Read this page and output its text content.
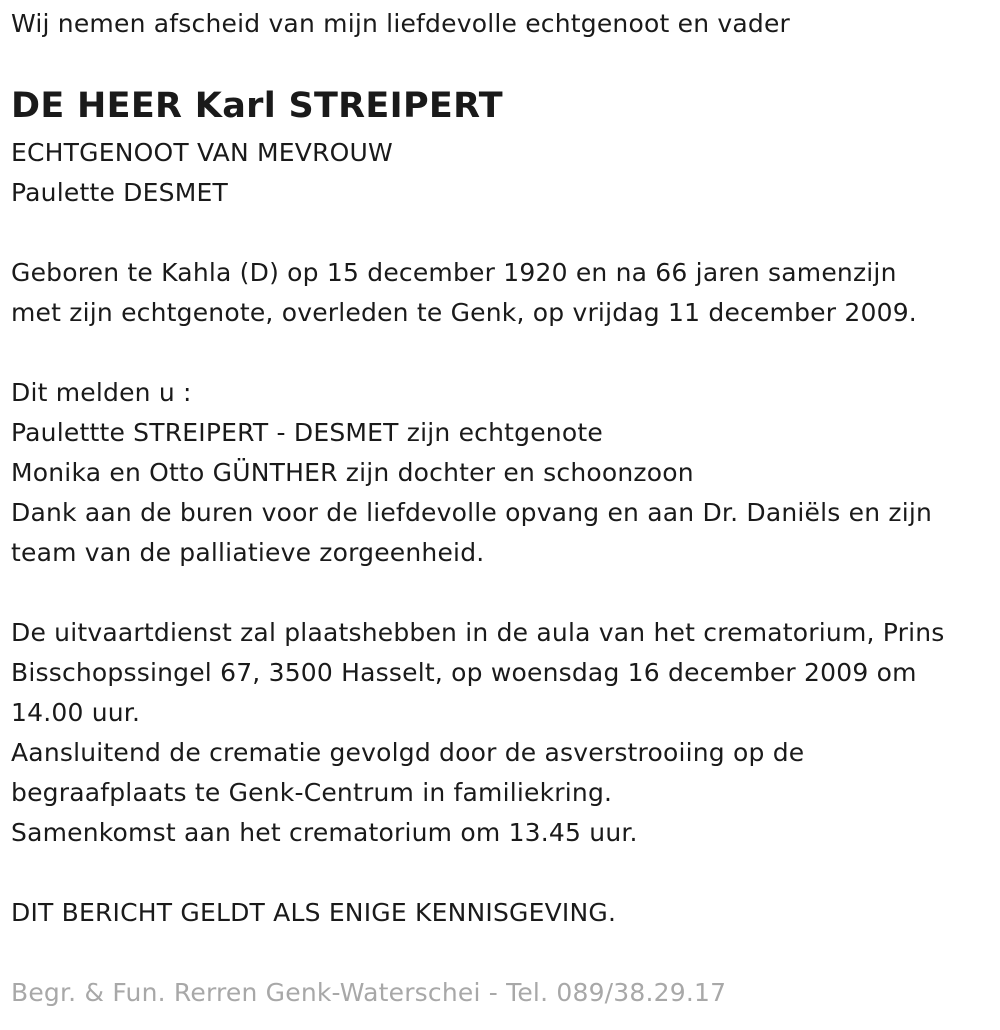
Wij nemen afscheid van mijn liefdevolle echtgenoot en vader
DE HEER Karl STREIPERT
ECHTGENOOT VAN MEVROUW
Paulette DESMET
Geboren te Kahla (D) op 15 december 1920 en na 66 jaren samenzijn
met zijn echtgenote, overleden te Genk, op vrijdag 11 december 2009.
Dit melden u :
Paulettte STREIPERT - DESMET zijn echtgenote
Monika en Otto GÜNTHER zijn dochter en schoonzoon
Dank aan de buren voor de liefdevolle opvang en aan Dr. Daniëls en zijn
team van de palliatieve zorgeenheid.
De uitvaartdienst zal plaatshebben in de aula van het crematorium, Prins
Bisschopssingel 67, 3500 Hasselt, op woensdag 16 december 2009 om
14.00 uur.
Aansluitend de crematie gevolgd door de asverstrooiing op de
begraafplaats te Genk-Centrum in familiekring.
Samenkomst aan het crematorium om 13.45 uur.
DIT BERICHT GELDT ALS ENIGE KENNISGEVING.
Begr. & Fun. Rerren Genk-Waterschei - Tel. 089/38.29.17
